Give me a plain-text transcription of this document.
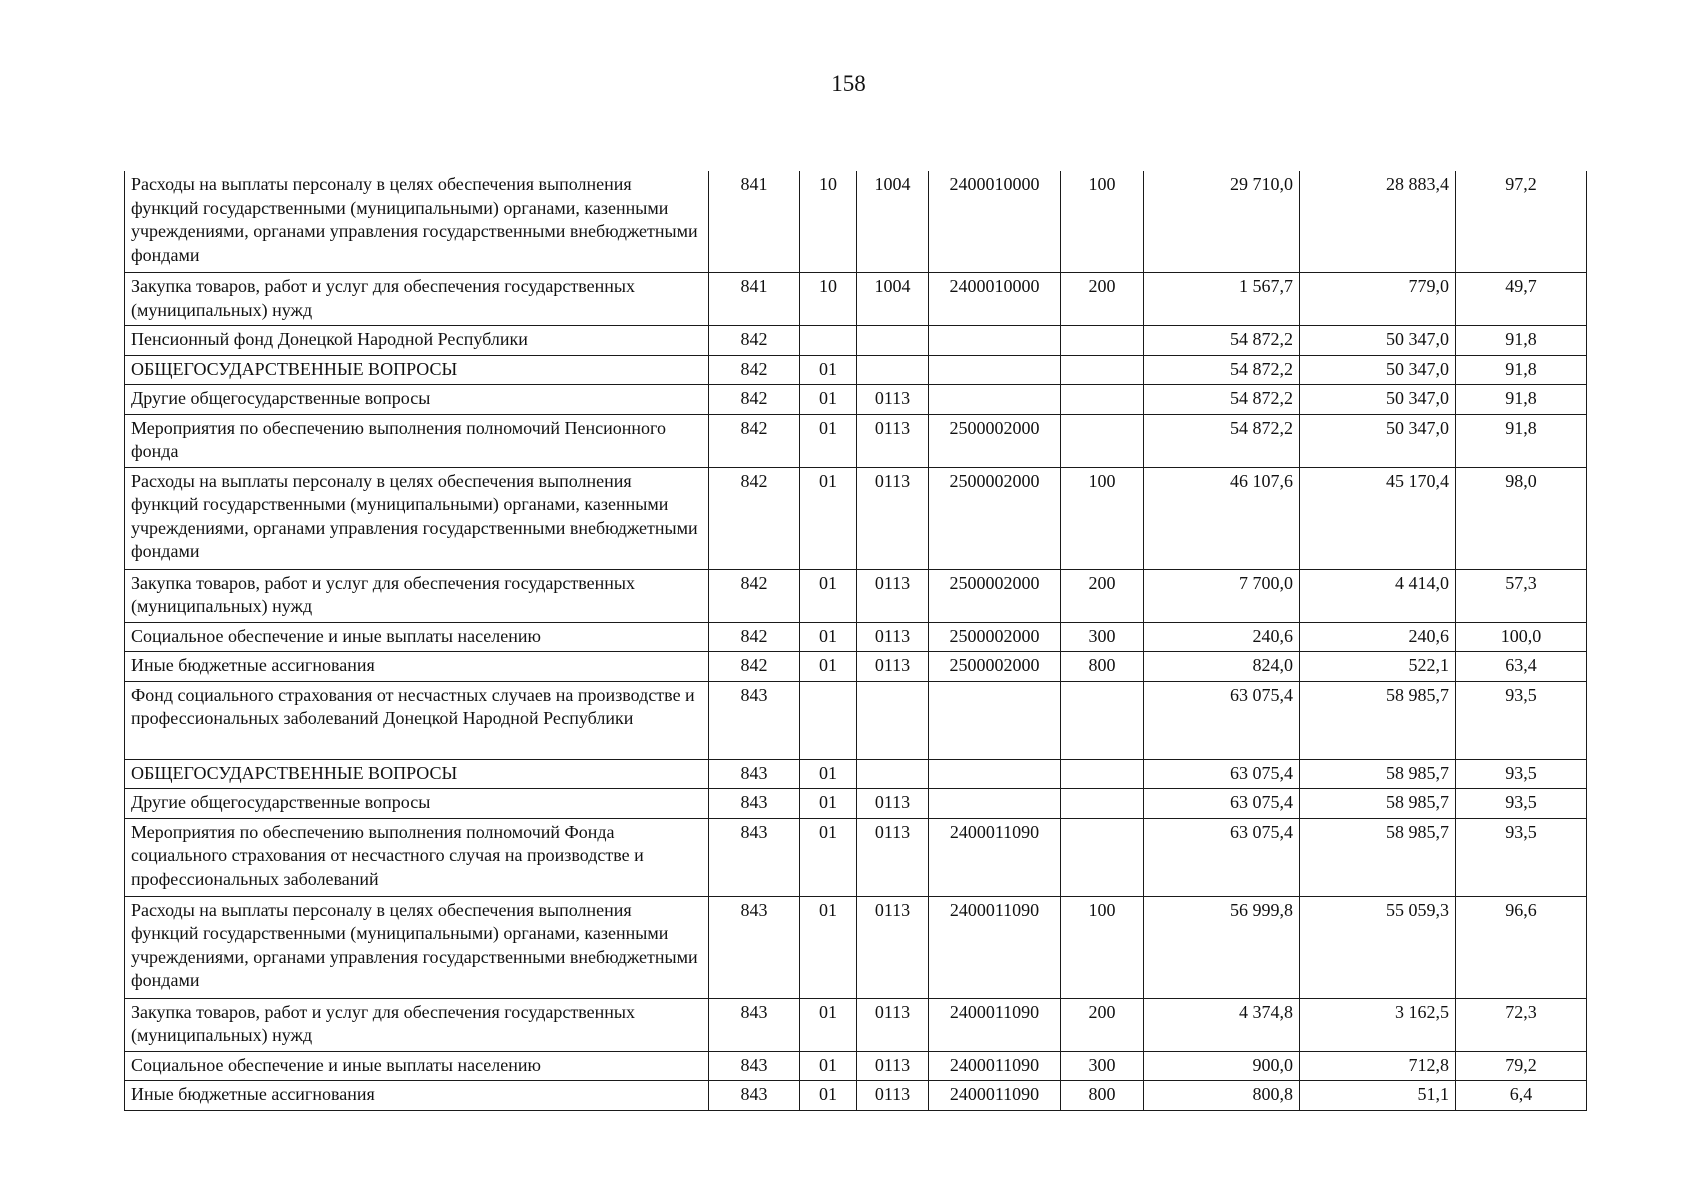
158
Расходы на выплаты персоналу в целях обеспечения выполнения функций государственными (муниципальными) органами, казенными учреждениями, органами управления государственными внебюджетными фондами	841	10	1004	2400010000	100	29 710,0	28 883,4	97,2
Закупка товаров, работ и услуг для обеспечения государственных (муниципальных) нужд	841	10	1004	2400010000	200	1 567,7	779,0	49,7
Пенсионный фонд Донецкой Народной Республики	842					54 872,2	50 347,0	91,8
ОБЩЕГОСУДАРСТВЕННЫЕ ВОПРОСЫ	842	01				54 872,2	50 347,0	91,8
Другие общегосударственные вопросы	842	01	0113			54 872,2	50 347,0	91,8
Мероприятия по обеспечению выполнения полномочий Пенсионного фонда	842	01	0113	2500002000		54 872,2	50 347,0	91,8
Расходы на выплаты персоналу в целях обеспечения выполнения функций государственными (муниципальными) органами, казенными учреждениями, органами управления государственными внебюджетными фондами	842	01	0113	2500002000	100	46 107,6	45 170,4	98,0
Закупка товаров, работ и услуг для обеспечения государственных (муниципальных) нужд	842	01	0113	2500002000	200	7 700,0	4 414,0	57,3
Социальное обеспечение и иные выплаты населению	842	01	0113	2500002000	300	240,6	240,6	100,0
Иные бюджетные ассигнования	842	01	0113	2500002000	800	824,0	522,1	63,4
Фонд социального страхования от несчастных случаев на производстве и профессиональных заболеваний Донецкой Народной Республики	843					63 075,4	58 985,7	93,5
ОБЩЕГОСУДАРСТВЕННЫЕ ВОПРОСЫ	843	01				63 075,4	58 985,7	93,5
Другие общегосударственные вопросы	843	01	0113			63 075,4	58 985,7	93,5
Мероприятия по обеспечению выполнения полномочий Фонда социального страхования от несчастного случая на производстве и профессиональных заболеваний	843	01	0113	2400011090		63 075,4	58 985,7	93,5
Расходы на выплаты персоналу в целях обеспечения выполнения функций государственными (муниципальными) органами, казенными учреждениями, органами управления государственными внебюджетными фондами	843	01	0113	2400011090	100	56 999,8	55 059,3	96,6
Закупка товаров, работ и услуг для обеспечения государственных (муниципальных) нужд	843	01	0113	2400011090	200	4 374,8	3 162,5	72,3
Социальное обеспечение и иные выплаты населению	843	01	0113	2400011090	300	900,0	712,8	79,2
Иные бюджетные ассигнования	843	01	0113	2400011090	800	800,8	51,1	6,4
